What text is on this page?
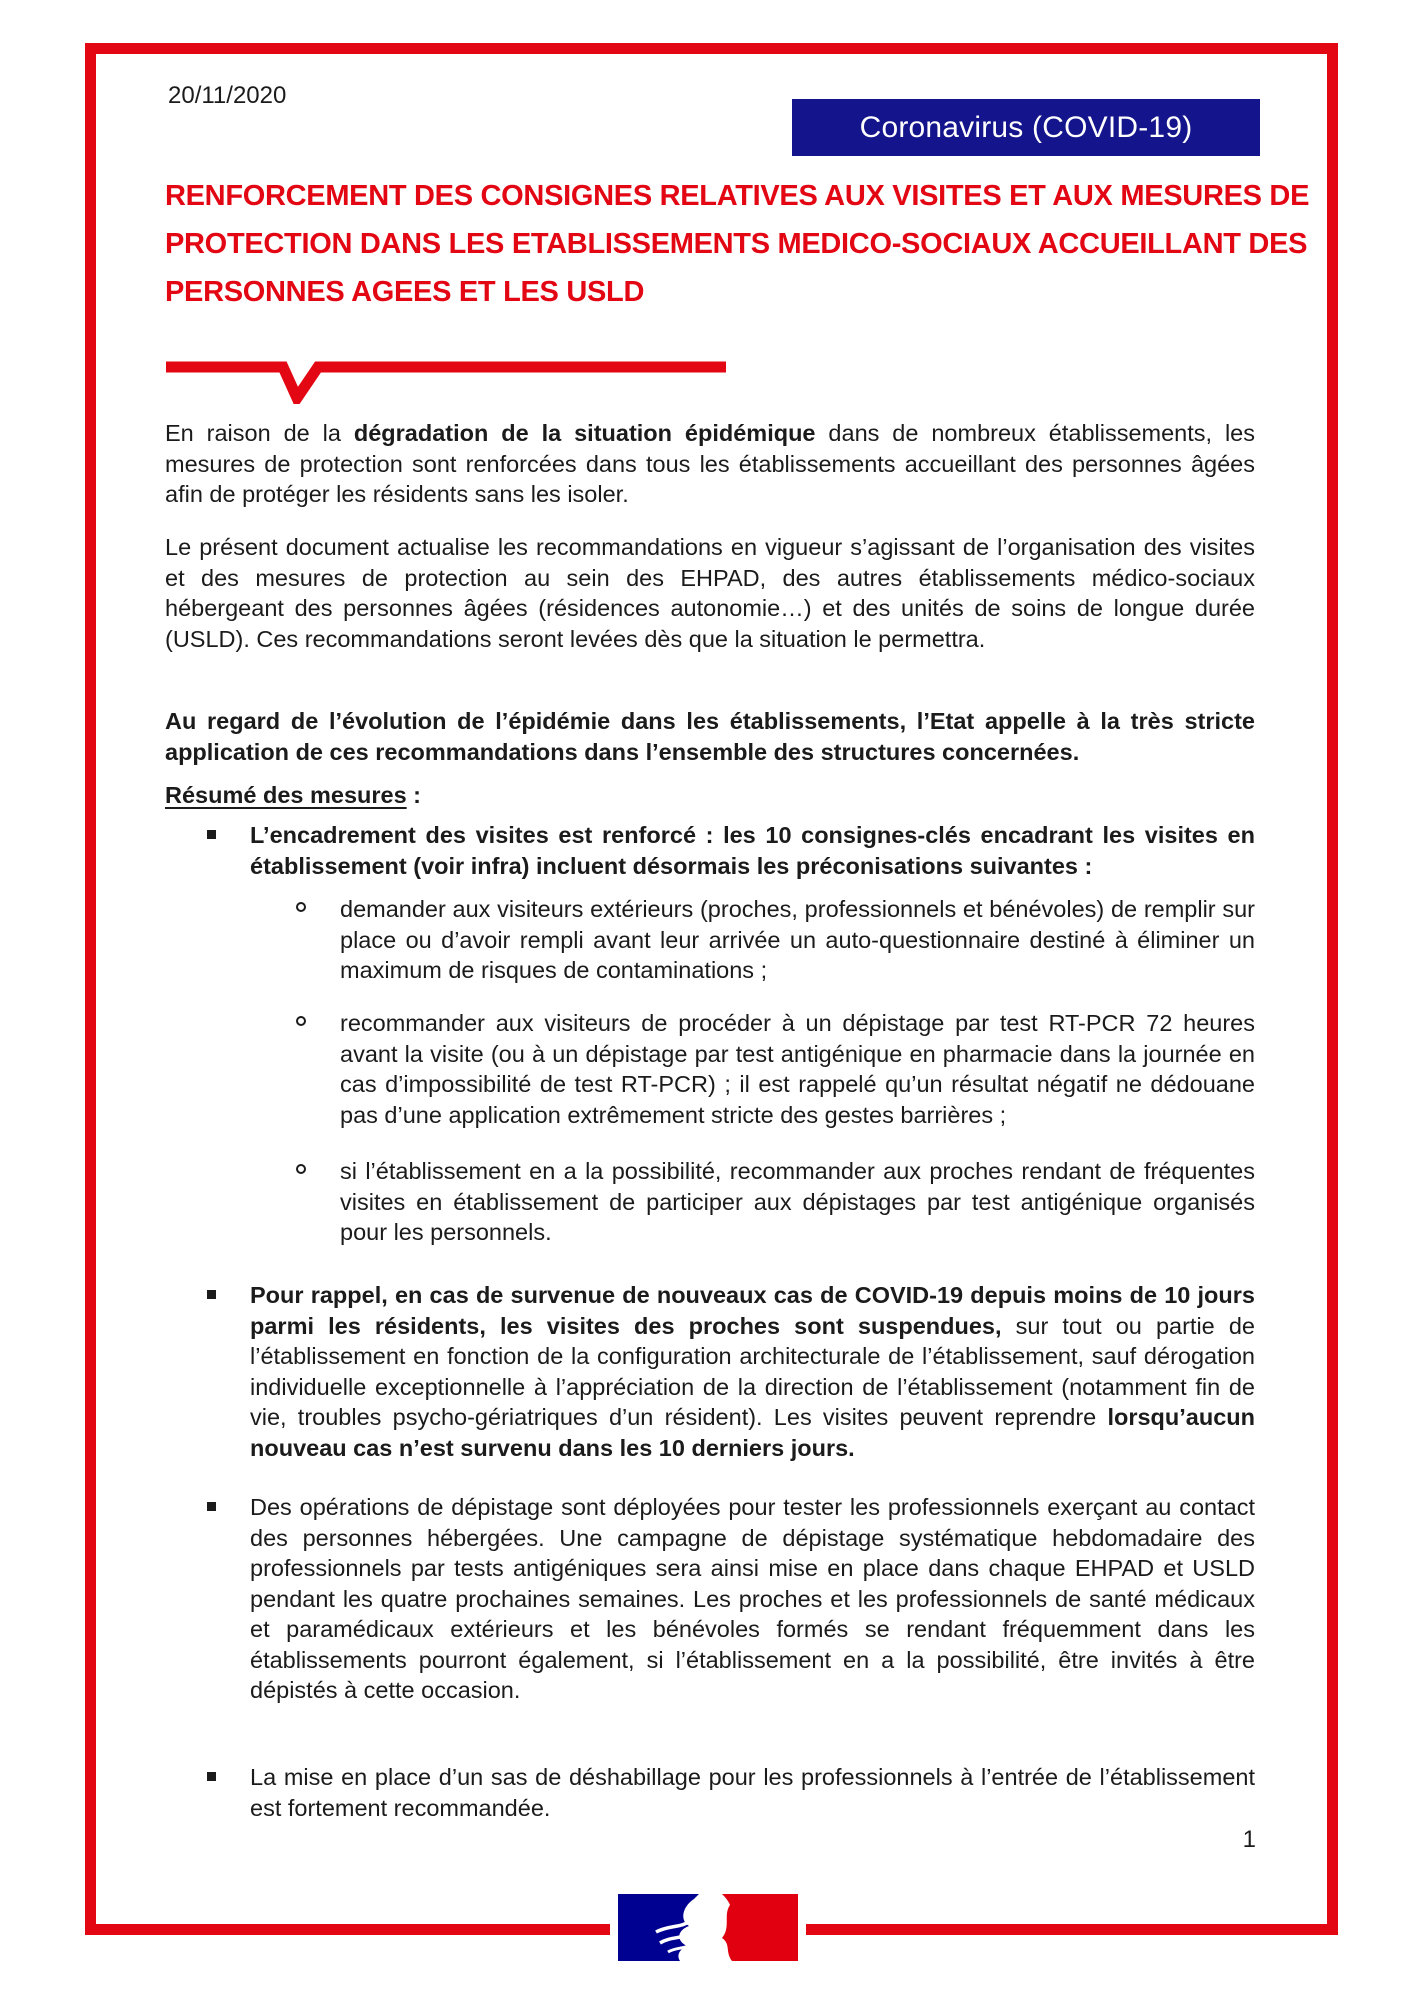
20/11/2020
Coronavirus (COVID-19)
RENFORCEMENT DES CONSIGNES RELATIVES AUX VISITES ET AUX MESURES DE
PROTECTION DANS LES ETABLISSEMENTS MEDICO-SOCIAUX ACCUEILLANT DES
PERSONNES AGEES ET LES USLD
En raison de la dégradation de la situation épidémique dans de nombreux établissements, les mesures de protection sont renforcées dans tous les établissements accueillant des personnes âgées afin de protéger les résidents sans les isoler.
Le présent document actualise les recommandations en vigueur s’agissant de l’organisation des visites et des mesures de protection au sein des EHPAD, des autres établissements médico-sociaux hébergeant des personnes âgées (résidences autonomie…) et des unités de soins de longue durée (USLD). Ces recommandations seront levées dès que la situation le permettra.
Au regard de l’évolution de l’épidémie dans les établissements, l’Etat appelle à la très stricte application de ces recommandations dans l’ensemble des structures concernées.
Résumé des mesures :
L’encadrement des visites est renforcé : les 10 consignes-clés encadrant les visites en établissement (voir infra) incluent désormais les préconisations suivantes :
demander aux visiteurs extérieurs (proches, professionnels et bénévoles) de remplir sur place ou d’avoir rempli avant leur arrivée un auto-questionnaire destiné à éliminer un maximum de risques de contaminations ;
recommander aux visiteurs de procéder à un dépistage par test RT-PCR 72 heures avant la visite (ou à un dépistage par test antigénique en pharmacie dans la journée en cas d’impossibilité de test RT-PCR) ; il est rappelé qu’un résultat négatif ne dédouane pas d’une application extrêmement stricte des gestes barrières ;
si l’établissement en a la possibilité, recommander aux proches rendant de fréquentes visites en établissement de participer aux dépistages par test antigénique organisés pour les personnels.
Pour rappel, en cas de survenue de nouveaux cas de COVID-19 depuis moins de 10 jours parmi les résidents, les visites des proches sont suspendues, sur tout ou partie de l’établissement en fonction de la configuration architecturale de l’établissement, sauf dérogation individuelle exceptionnelle à l’appréciation de la direction de l’établissement (notamment fin de vie, troubles psycho-gériatriques d’un résident). Les visites peuvent reprendre lorsqu’aucun nouveau cas n’est survenu dans les 10 derniers jours.
Des opérations de dépistage sont déployées pour tester les professionnels exerçant au contact des personnes hébergées. Une campagne de dépistage systématique hebdomadaire des professionnels par tests antigéniques sera ainsi mise en place dans chaque EHPAD et USLD pendant les quatre prochaines semaines. Les proches et les professionnels de santé médicaux et paramédicaux extérieurs et les bénévoles formés se rendant fréquemment dans les établissements pourront également, si l’établissement en a la possibilité, être invités à être dépistés à cette occasion.
La mise en place d’un sas de déshabillage pour les professionnels à l’entrée de l’établissement est fortement recommandée.
1
